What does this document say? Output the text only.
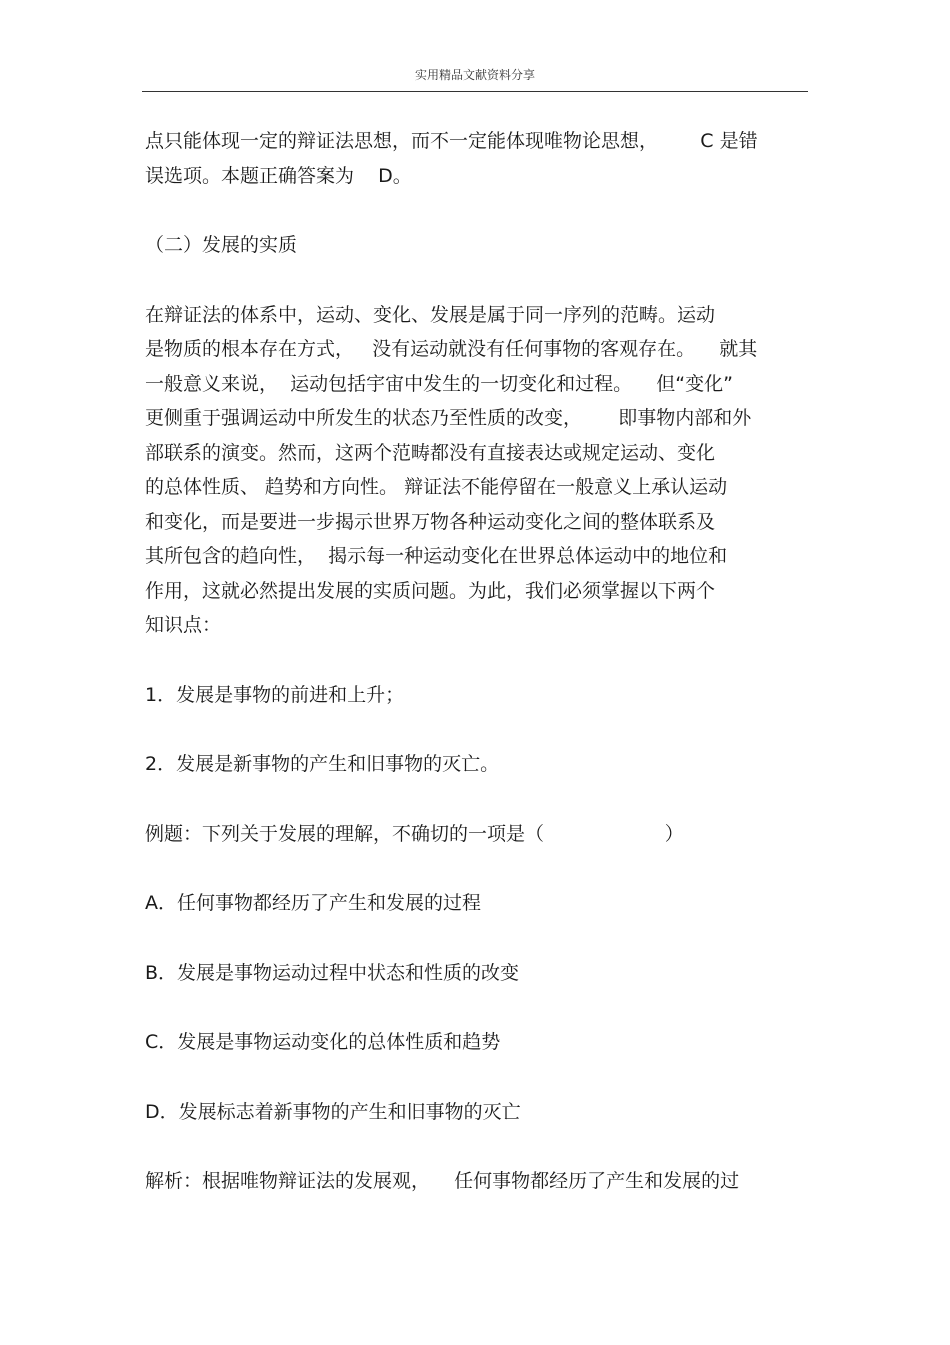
实用精品文献资料分享
点只能体现一定的辩证法思想，而不一定能体现唯物论思想，       C 是错
误选项。本题正确答案为    D。
（二）发展的实质
在辩证法的体系中，运动、变化、发展是属于同一序列的范畴。运动
是物质的根本存在方式，   没有运动就没有任何事物的客观存在。    就其
一般意义来说，  运动包括宇宙中发生的一切变化和过程。    但“变化”
更侧重于强调运动中所发生的状态乃至性质的改变，      即事物内部和外
部联系的演变。然而，这两个范畴都没有直接表达或规定运动、变化
的总体性质、 趋势和方向性。 辩证法不能停留在一般意义上承认运动
和变化，而是要进一步揭示世界万物各种运动变化之间的整体联系及
其所包含的趋向性，  揭示每一种运动变化在世界总体运动中的地位和
作用，这就必然提出发展的实质问题。为此，我们必须掌握以下两个
知识点：
1．发展是事物的前进和上升；
2．发展是新事物的产生和旧事物的灭亡。
例题：下列关于发展的理解，不确切的一项是（                    ）
A．任何事物都经历了产生和发展的过程
B．发展是事物运动过程中状态和性质的改变
C．发展是事物运动变化的总体性质和趋势
D．发展标志着新事物的产生和旧事物的灭亡
解析：根据唯物辩证法的发展观，    任何事物都经历了产生和发展的过
